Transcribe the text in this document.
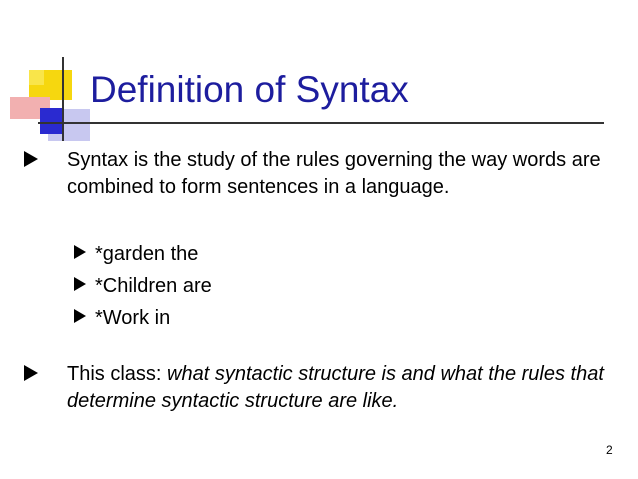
Definition of Syntax
Syntax is the study of the rules governing the way words are combined to form sentences in a language.
*garden the
*Children are
*Work in
This class: what syntactic structure is and what the rules that determine syntactic structure are like.
2
